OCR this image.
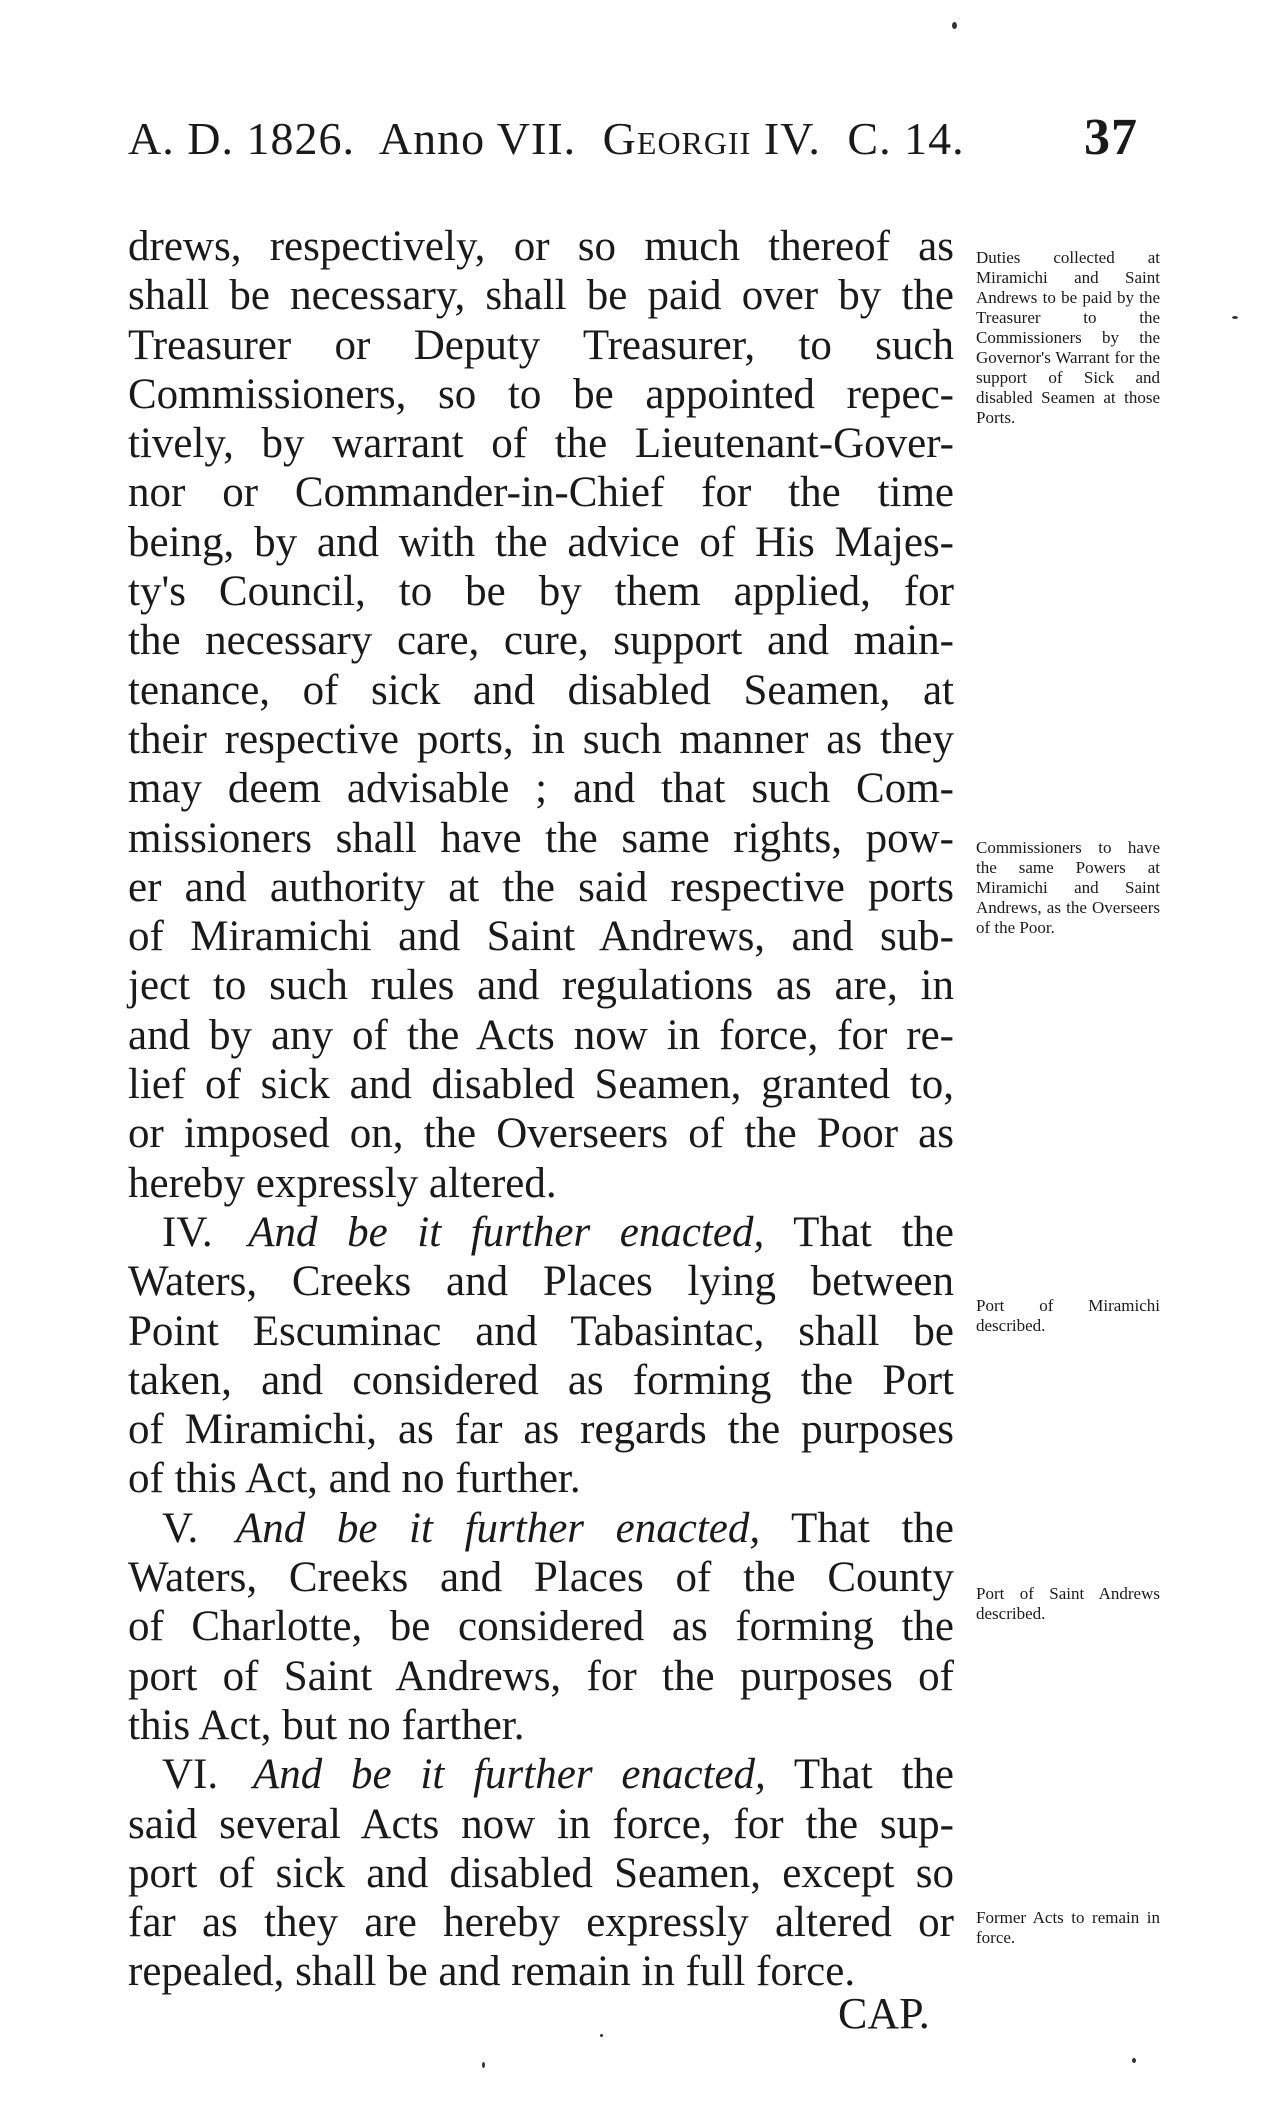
A. D. 1826. Anno VII. Georgii IV. C. 14. 37
drews, respectively, or so much thereof as
shall be necessary, shall be paid over by the
Treasurer or Deputy Treasurer, to such
Commissioners, so to be appointed repec-
tively, by warrant of the Lieutenant-Gover-
nor or Commander-in-Chief for the time
being, by and with the advice of His Majes-
ty's Council, to be by them applied, for
the necessary care, cure, support and main-
tenance, of sick and disabled Seamen, at
their respective ports, in such manner as they
may deem advisable ; and that such Com-
missioners shall have the same rights, pow-
er and authority at the said respective ports
of Miramichi and Saint Andrews, and sub-
ject to such rules and regulations as are, in
and by any of the Acts now in force, for re-
lief of sick and disabled Seamen, granted to,
or imposed on, the Overseers of the Poor as
hereby expressly altered.
IV. And be it further enacted, That the
Waters, Creeks and Places lying between
Point Escuminac and Tabasintac, shall be
taken, and considered as forming the Port
of Miramichi, as far as regards the purposes
of this Act, and no further.
V. And be it further enacted, That the
Waters, Creeks and Places of the County
of Charlotte, be considered as forming the
port of Saint Andrews, for the purposes of
this Act, but no farther.
VI. And be it further enacted, That the
said several Acts now in force, for the sup-
port of sick and disabled Seamen, except so
far as they are hereby expressly altered or
repealed, shall be and remain in full force.
CAP.
Duties collected at Miramichi and Saint Andrews to be paid by the Treasurer to the Commissioners by the Governor's Warrant for the support of Sick and disabled Seamen at those Ports.
Commissioners to have the same Powers at Miramichi and Saint Andrews, as the Overseers of the Poor.
Port of Miramichi described.
Port of Saint Andrews described.
Former Acts to remain in force.
